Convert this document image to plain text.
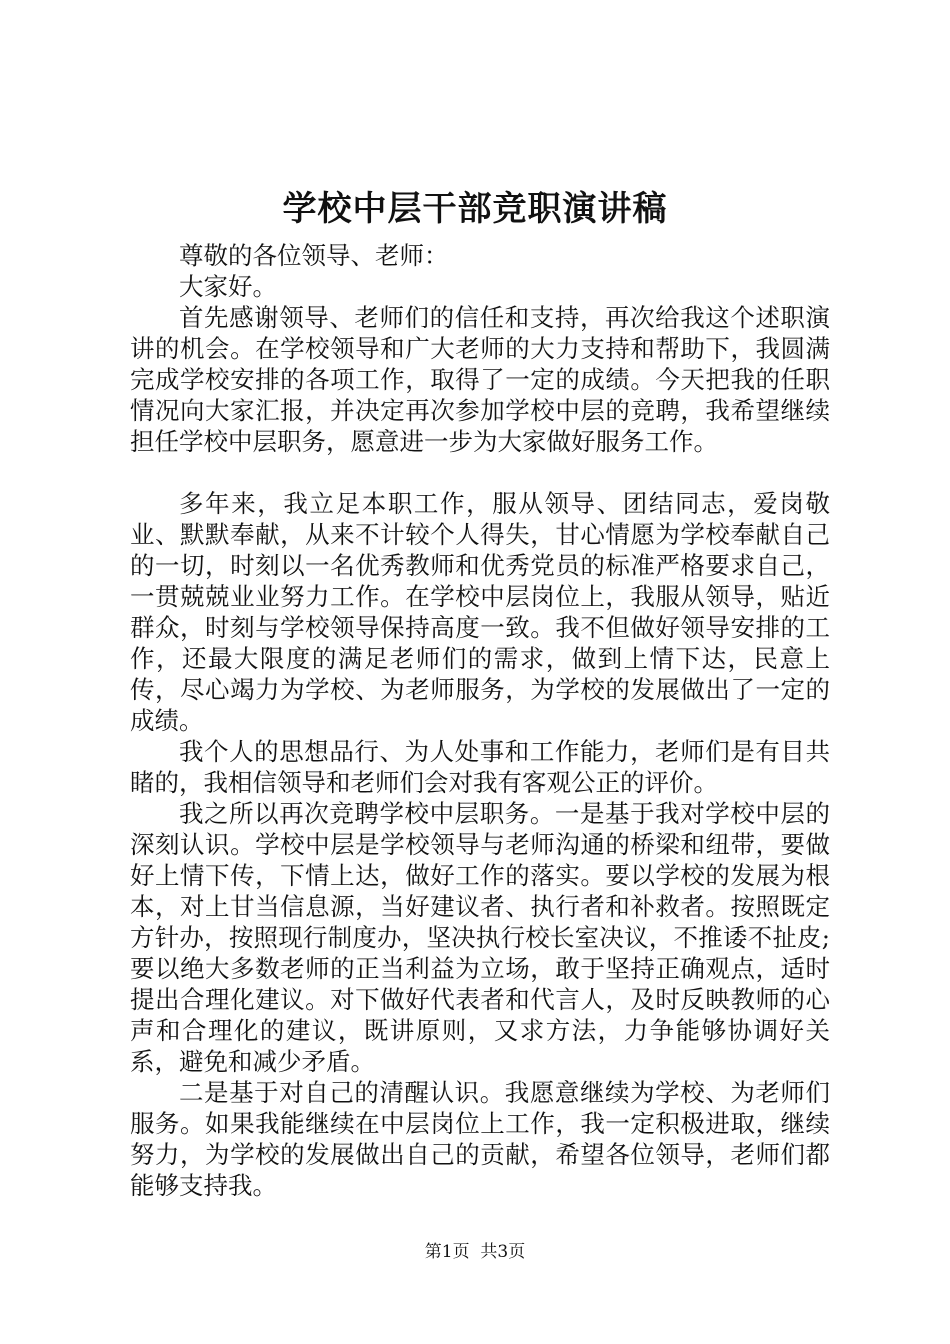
学校中层干部竞职演讲稿

尊敬的各位领导、老师：

大家好。

首先感谢领导、老师们的信任和支持，再次给我这个述职演讲的机会。在学校领导和广大老师的大力支持和帮助下，我圆满完成学校安排的各项工作，取得了一定的成绩。今天把我的任职情况向大家汇报，并决定再次参加学校中层的竞聘，我希望继续担任学校中层职务，愿意进一步为大家做好服务工作。

多年来，我立足本职工作，服从领导、团结同志，爱岗敬业、默默奉献，从来不计较个人得失，甘心情愿为学校奉献自己的一切，时刻以一名优秀教师和优秀党员的标准严格要求自己，一贯兢兢业业努力工作。在学校中层岗位上，我服从领导，贴近群众，时刻与学校领导保持高度一致。我不但做好领导安排的工作，还最大限度的满足老师们的需求，做到上情下达，民意上传，尽心竭力为学校、为老师服务，为学校的发展做出了一定的成绩。

我个人的思想品行、为人处事和工作能力，老师们是有目共睹的，我相信领导和老师们会对我有客观公正的评价。

我之所以再次竞聘学校中层职务。一是基于我对学校中层的深刻认识。学校中层是学校领导与老师沟通的桥梁和纽带，要做好上情下传，下情上达，做好工作的落实。要以学校的发展为根本，对上甘当信息源，当好建议者、执行者和补救者。按照既定方针办，按照现行制度办，坚决执行校长室决议，不推诿不扯皮;要以绝大多数老师的正当利益为立场，敢于坚持正确观点，适时提出合理化建议。对下做好代表者和代言人，及时反映教师的心声和合理化的建议，既讲原则，又求方法，力争能够协调好关系，避免和减少矛盾。

二是基于对自己的清醒认识。我愿意继续为学校、为老师们服务。如果我能继续在中层岗位上工作，我一定积极进取，继续努力，为学校的发展做出自己的贡献，希望各位领导，老师们都能够支持我。

第1页 共3页
